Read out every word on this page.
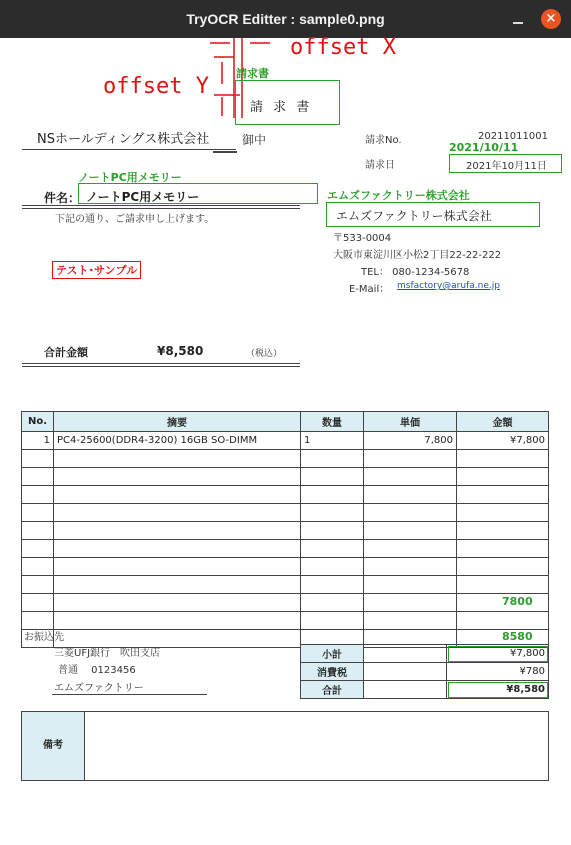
TryOCR Editter : sample0.png	×
offset X
offset Y
請求書
請 求 書
NSホールディングス株式会社	御中	請求No.	20211011001
2021/10/11
請求日	2021年10月11日
ノートPC用メモリー
件名： ノートPC用メモリー
下記の通り、ご請求申し上げます。
エムズファクトリー株式会社
エムズファクトリー株式会社
〒533-0004
大阪市東淀川区小松2丁目22-22-222
TEL： 080-1234-5678
E-Mail： msfactory@arufa.ne.jp
テスト･サンプル
合計金額	¥8,580	（税込）
No.	摘要	数量	単価	金額
1	PC4-25600(DDR4-3200) 16GB SO-DIMM	1	7,800	¥7,800

7800
8580
小計		¥7,800
消費税		¥780
合計		¥8,580
お振込先
三菱UFJ銀行　吹田支店
普通　 0123456
エムズファクトリー
備考
